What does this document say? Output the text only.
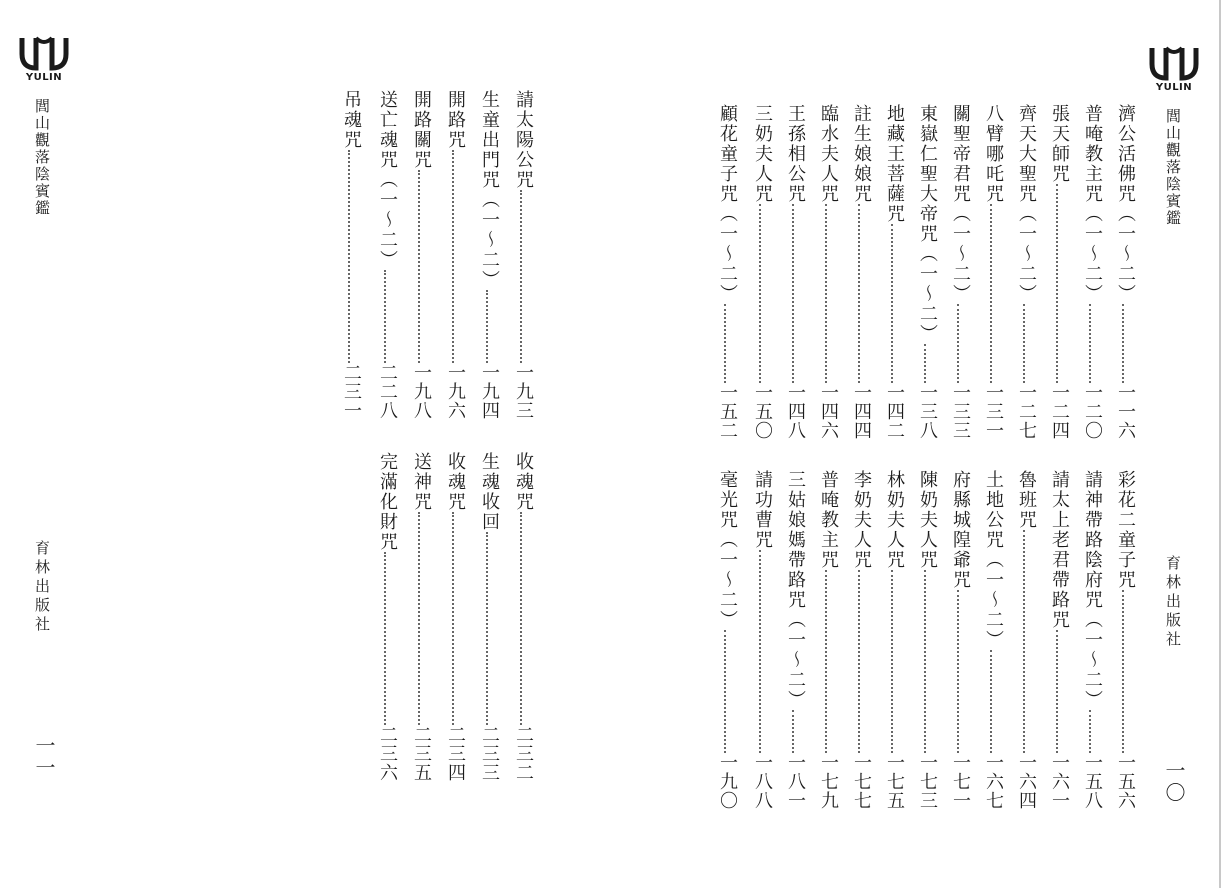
YULIN
閭山觀落陰賓鑑
育林出版社
一一
請太陽公咒
一九三
生童出門咒（一〜二）
一九四
開路咒
一九六
開路關咒
一九八
送亡魂咒（一〜二）
二二八
吊魂咒
二三一
收魂咒
二三二
生魂收回
二三三
收魂咒
二三四
送神咒
二三五
完滿化財咒
二三六
YULIN
閭山觀落陰賓鑑
育林出版社
一〇
濟公活佛咒（一〜二）
一一六
普唵教主咒（一〜二）
一二〇
張天師咒
一二四
齊天大聖咒（一〜二）
一二七
八臂哪吒咒
一三一
關聖帝君咒（一〜二）
一三三
東嶽仁聖大帝咒（一〜二）
一三八
地藏王菩薩咒
一四二
註生娘娘咒
一四四
臨水夫人咒
一四六
王孫相公咒
一四八
三奶夫人咒
一五〇
顧花童子咒（一〜二）
一五二
彩花二童子咒
一五六
請神帶路陰府咒（一〜二）
一五八
請太上老君帶路咒
一六一
魯班咒
一六四
土地公咒（一〜二）
一六七
府縣城隍爺咒
一七一
陳奶夫人咒
一七三
林奶夫人咒
一七五
李奶夫人咒
一七七
普唵教主咒
一七九
三姑娘媽帶路咒（一〜二）
一八一
請功曹咒
一八八
毫光咒（一〜二）
一九〇
